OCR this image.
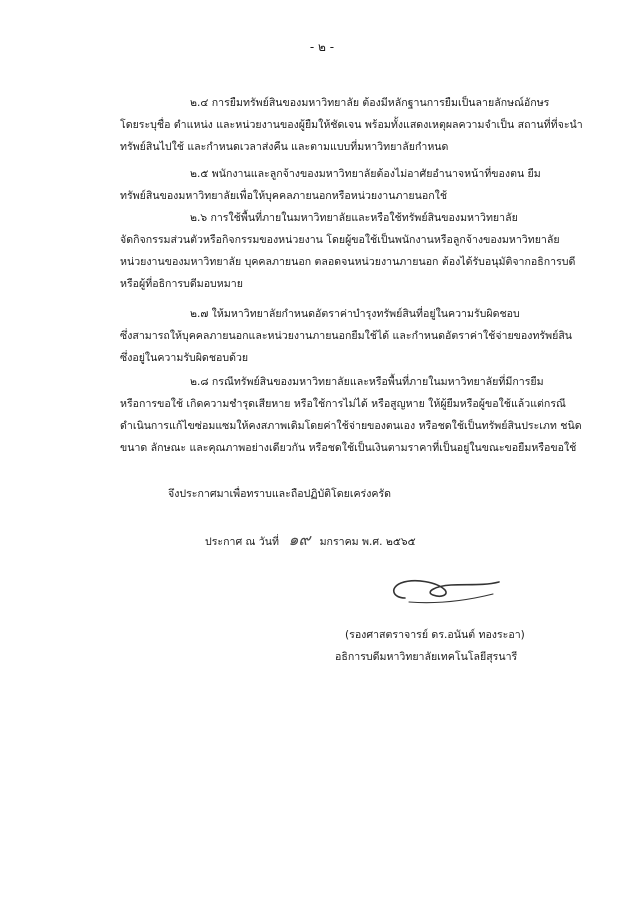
- ๒ -
๒.๔ การยืมทรัพย์สินของมหาวิทยาลัย ต้องมีหลักฐานการยืมเป็นลายลักษณ์อักษร
โดยระบุชื่อ ตำแหน่ง และหน่วยงานของผู้ยืมให้ชัดเจน พร้อมทั้งแสดงเหตุผลความจำเป็น สถานที่ที่จะนำ
ทรัพย์สินไปใช้ และกำหนดเวลาส่งคืน และตามแบบที่มหาวิทยาลัยกำหนด
๒.๕ พนักงานและลูกจ้างของมหาวิทยาลัยต้องไม่อาศัยอำนาจหน้าที่ของตน ยืม
ทรัพย์สินของมหาวิทยาลัยเพื่อให้บุคคลภายนอกหรือหน่วยงานภายนอกใช้
๒.๖ การใช้พื้นที่ภายในมหาวิทยาลัยและหรือใช้ทรัพย์สินของมหาวิทยาลัย
จัดกิจกรรมส่วนตัวหรือกิจกรรมของหน่วยงาน โดยผู้ขอใช้เป็นพนักงานหรือลูกจ้างของมหาวิทยาลัย
หน่วยงานของมหาวิทยาลัย บุคคลภายนอก ตลอดจนหน่วยงานภายนอก ต้องได้รับอนุมัติจากอธิการบดี
หรือผู้ที่อธิการบดีมอบหมาย
๒.๗ ให้มหาวิทยาลัยกำหนดอัตราค่าบำรุงทรัพย์สินที่อยู่ในความรับผิดชอบ
ซึ่งสามารถให้บุคคลภายนอกและหน่วยงานภายนอกยืมใช้ได้ และกำหนดอัตราค่าใช้จ่ายของทรัพย์สิน
ซึ่งอยู่ในความรับผิดชอบด้วย
๒.๘ กรณีทรัพย์สินของมหาวิทยาลัยและหรือพื้นที่ภายในมหาวิทยาลัยที่มีการยืม
หรือการขอใช้ เกิดความชำรุดเสียหาย หรือใช้การไม่ได้ หรือสูญหาย ให้ผู้ยืมหรือผู้ขอใช้แล้วแต่กรณี
ดำเนินการแก้ไขซ่อมแซมให้คงสภาพเดิมโดยค่าใช้จ่ายของตนเอง หรือชดใช้เป็นทรัพย์สินประเภท ชนิด
ขนาด ลักษณะ และคุณภาพอย่างเดียวกัน หรือชดใช้เป็นเงินตามราคาที่เป็นอยู่ในขณะขอยืมหรือขอใช้
จึงประกาศมาเพื่อทราบและถือปฏิบัติโดยเคร่งครัด
ประกาศ ณ วันที่ ๑๙ มกราคม พ.ศ. ๒๕๖๕
(รองศาสตราจารย์ ดร.อนันต์ ทองระอา)
อธิการบดีมหาวิทยาลัยเทคโนโลยีสุรนารี
